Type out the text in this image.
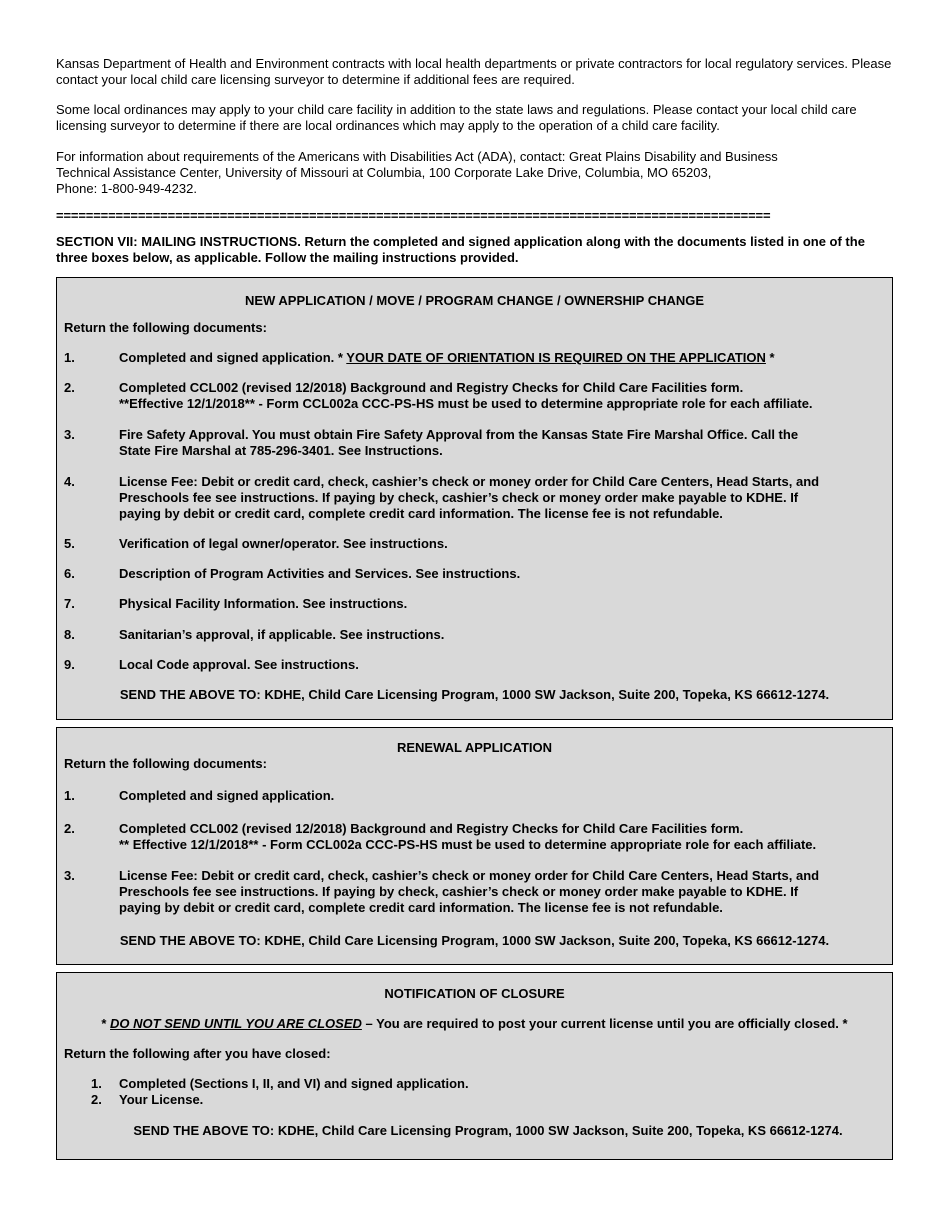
Kansas Department of Health and Environment contracts with local health departments or private contractors for local regulatory services. Please contact your local child care licensing surveyor to determine if additional fees are required.

Some local ordinances may apply to your child care facility in addition to the state laws and regulations. Please contact your local child care licensing surveyor to determine if there are local ordinances which may apply to the operation of a child care facility.

For information about requirements of the Americans with Disabilities Act (ADA), contact: Great Plains Disability and Business

Technical Assistance Center, University of Missouri at Columbia, 100 Corporate Lake Drive, Columbia, MO 65203,

Phone: 1-800-949-4232.

================================================================================================
SECTION VII: MAILING INSTRUCTIONS. Return the completed and signed application along with the documents listed in one of the three boxes below, as applicable. Follow the mailing instructions provided.
NEW APPLICATION / MOVE / PROGRAM CHANGE / OWNERSHIP CHANGE
Return the following documents:
1.	Completed and signed application. * YOUR DATE OF ORIENTATION IS REQUIRED ON THE APPLICATION *
2.	Completed CCL002 (revised 12/2018) Background and Registry Checks for Child Care Facilities form.
**Effective 12/1/2018** - Form CCL002a CCC-PS-HS must be used to determine appropriate role for each affiliate.
3.	Fire Safety Approval. You must obtain Fire Safety Approval from the Kansas State Fire Marshal Office. Call the
State Fire Marshal at 785-296-3401. See Instructions.
4.	License Fee: Debit or credit card, check, cashier’s check or money order for Child Care Centers, Head Starts, and
Preschools fee see instructions. If paying by check, cashier’s check or money order make payable to KDHE. If
paying by debit or credit card, complete credit card information. The license fee is not refundable.
5.	Verification of legal owner/operator. See instructions.
6.	Description of Program Activities and Services. See instructions.
7.	Physical Facility Information. See instructions.
8.	Sanitarian’s approval, if applicable. See instructions.
9.	Local Code approval. See instructions.
SEND THE ABOVE TO: KDHE, Child Care Licensing Program, 1000 SW Jackson, Suite 200, Topeka, KS 66612-1274.
RENEWAL APPLICATION
Return the following documents:
1.	Completed and signed application.
2.	Completed CCL002 (revised 12/2018) Background and Registry Checks for Child Care Facilities form.
** Effective 12/1/2018** - Form CCL002a CCC-PS-HS must be used to determine appropriate role for each affiliate.
3.	License Fee: Debit or credit card, check, cashier’s check or money order for Child Care Centers, Head Starts, and
Preschools fee see instructions. If paying by check, cashier’s check or money order make payable to KDHE. If
paying by debit or credit card, complete credit card information. The license fee is not refundable.
SEND THE ABOVE TO: KDHE, Child Care Licensing Program, 1000 SW Jackson, Suite 200, Topeka, KS 66612-1274.
NOTIFICATION OF CLOSURE
* DO NOT SEND UNTIL YOU ARE CLOSED – You are required to post your current license until you are officially closed. *
Return the following after you have closed:
1. Completed (Sections I, II, and VI) and signed application.
2. Your License.
SEND THE ABOVE TO: KDHE, Child Care Licensing Program, 1000 SW Jackson, Suite 200, Topeka, KS 66612-1274.
